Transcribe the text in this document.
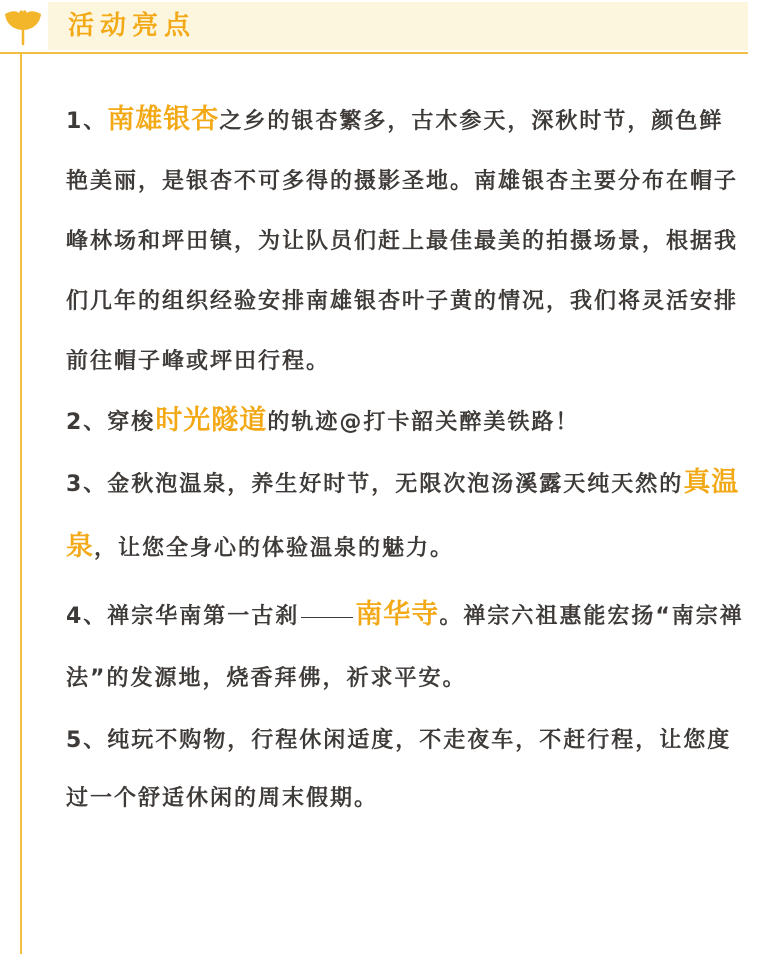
活动亮点

1、南雄银杏之乡的银杏繁多，古木参天，深秋时节，颜色鲜艳美丽，是银杏不可多得的摄影圣地。南雄银杏主要分布在帽子峰林场和坪田镇，为让队员们赶上最佳最美的拍摄场景，根据我们几年的组织经验安排南雄银杏叶子黄的情况，我们将灵活安排前往帽子峰或坪田行程。

2、穿梭时光隧道的轨迹@打卡韶关醉美铁路！

3、金秋泡温泉，养生好时节，无限次泡汤溪露天纯天然的真温泉，让您全身心的体验温泉的魅力。

4、禅宗华南第一古刹 南华寺。禅宗六祖惠能宏扬“南宗禅法”的发源地，烧香拜佛，祈求平安。

5、纯玩不购物，行程休闲适度，不走夜车，不赶行程，让您度过一个舒适休闲的周末假期。
